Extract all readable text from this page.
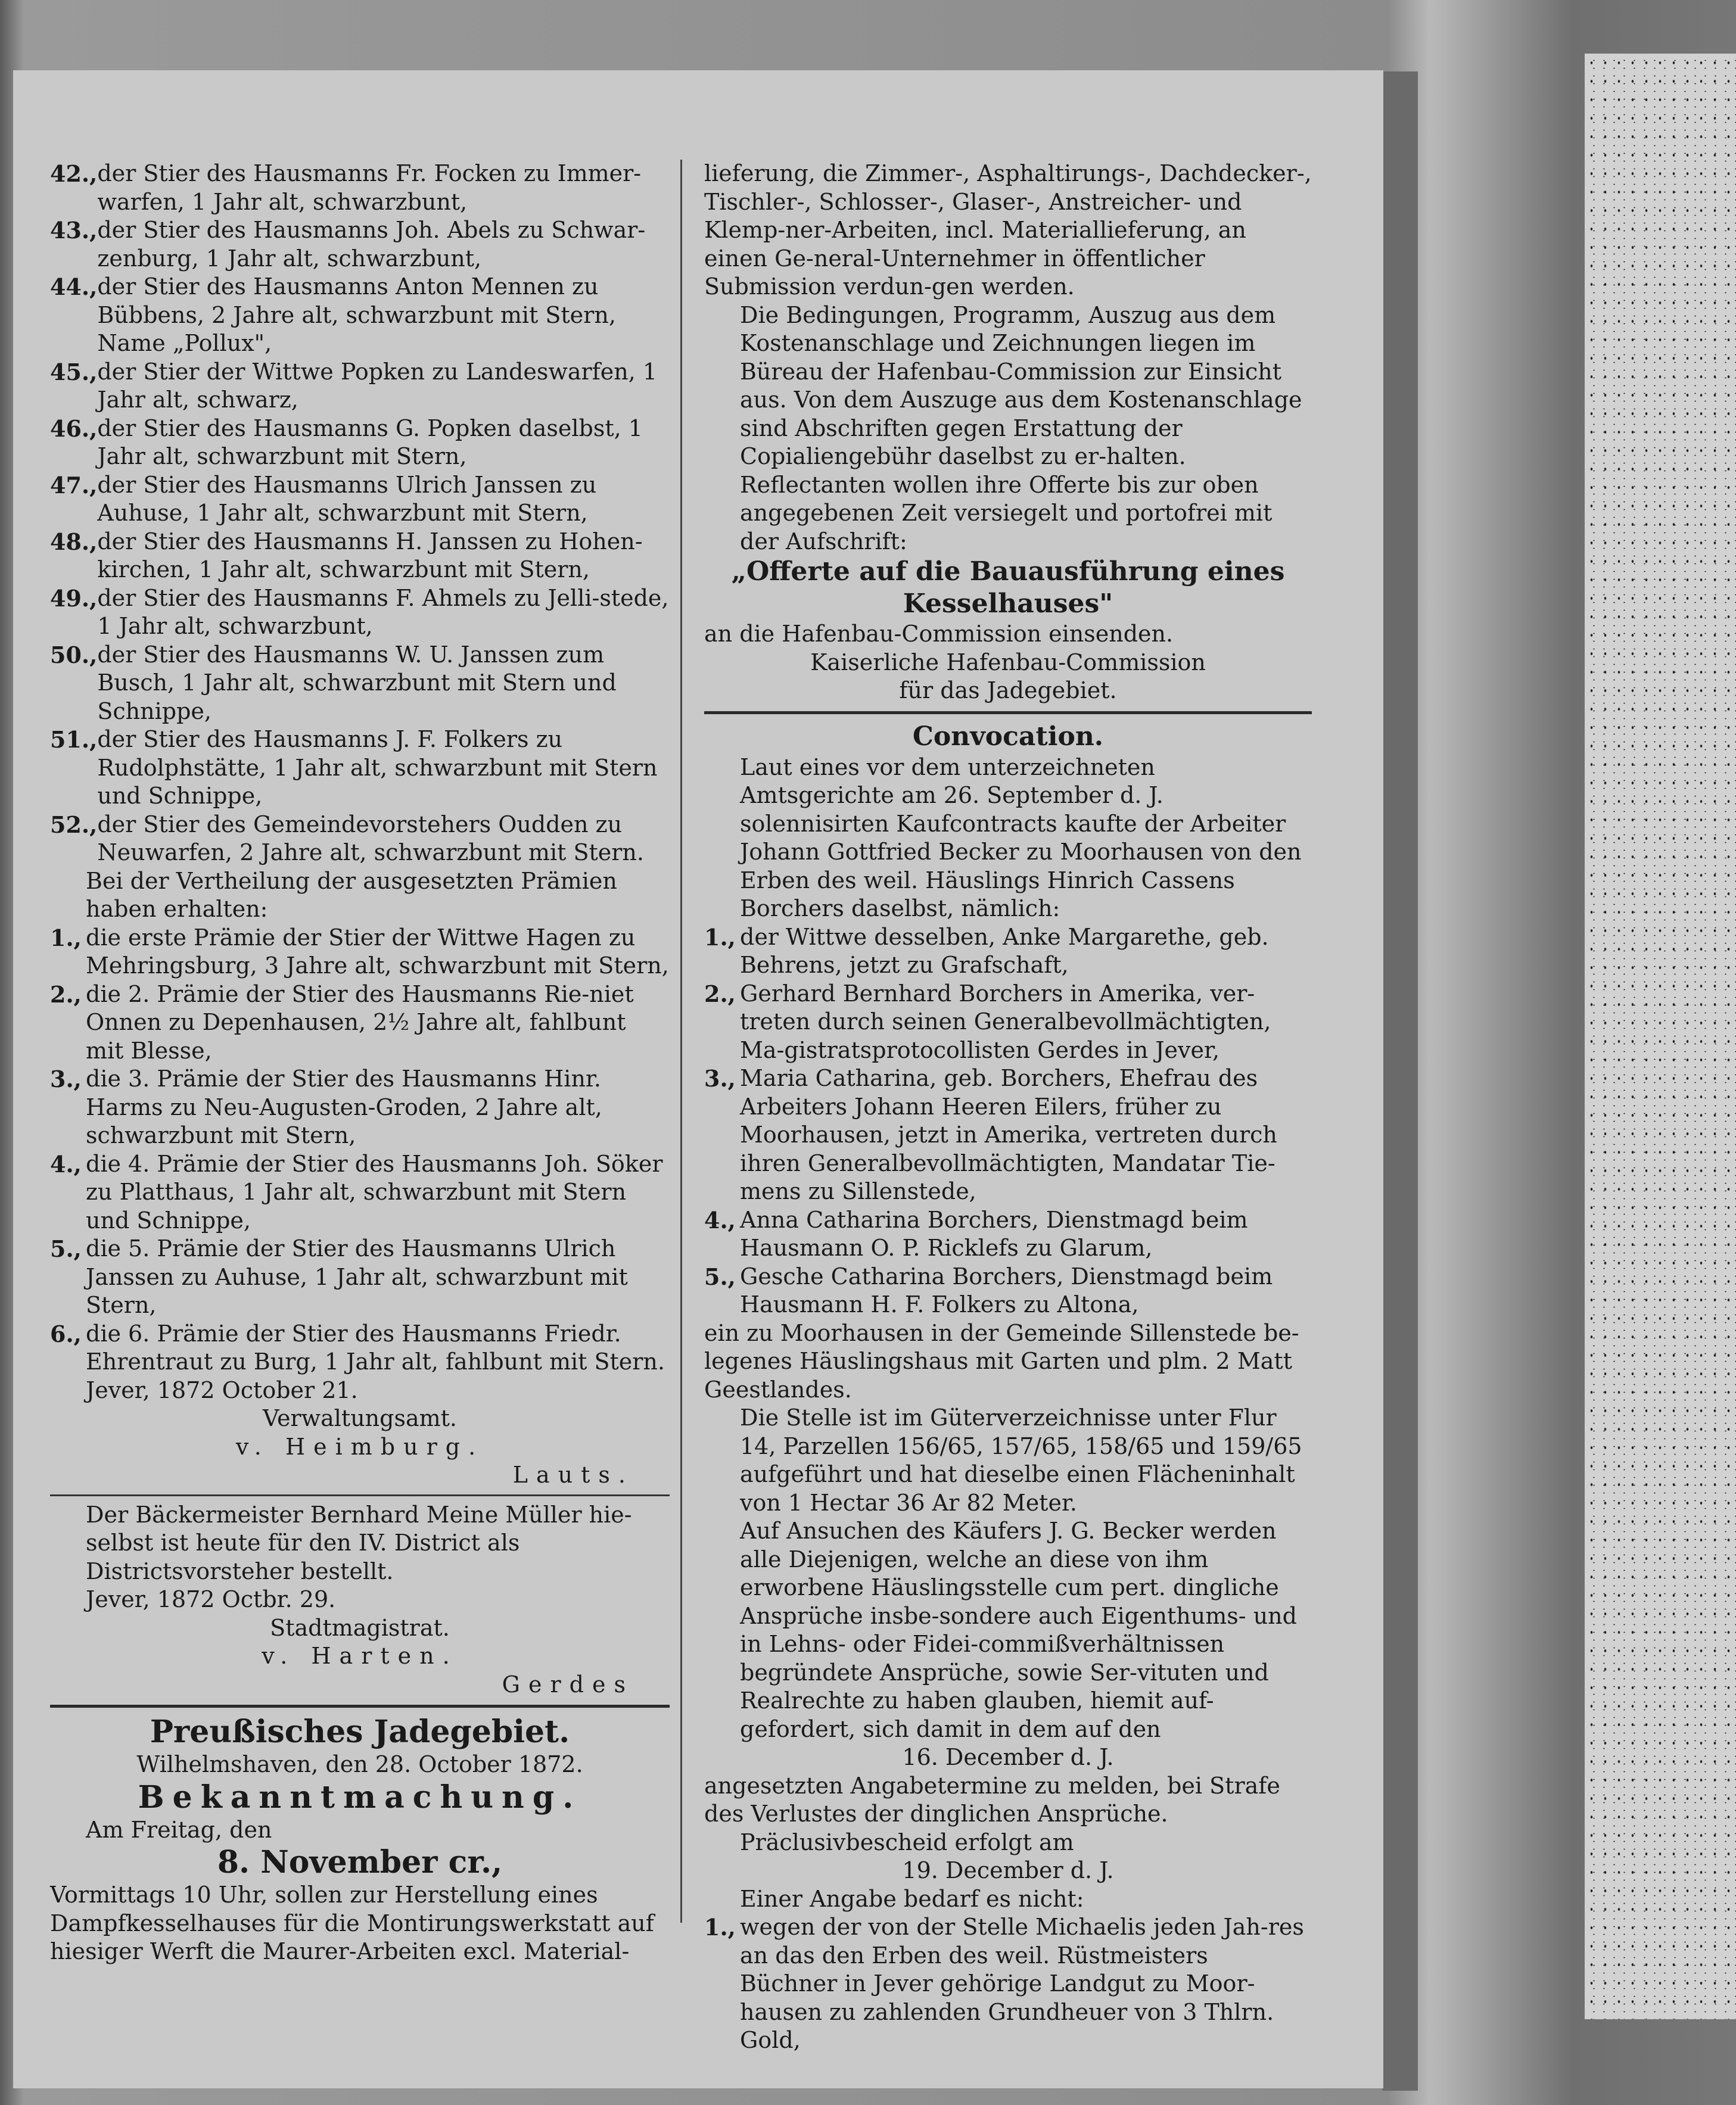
42., der Stier des Hausmanns Fr. Focken zu Immer-warfen, 1 Jahr alt, schwarzbunt,
43., der Stier des Hausmanns Joh. Abels zu Schwar-zenburg, 1 Jahr alt, schwarzbunt,
44., der Stier des Hausmanns Anton Mennen zu Bübbens, 2 Jahre alt, schwarzbunt mit Stern, Name „Pollux",
45., der Stier der Wittwe Popken zu Landeswarfen, 1 Jahr alt, schwarz,
46., der Stier des Hausmanns G. Popken daselbst, 1 Jahr alt, schwarzbunt mit Stern,
47., der Stier des Hausmanns Ulrich Janssen zu Auhuse, 1 Jahr alt, schwarzbunt mit Stern,
48., der Stier des Hausmanns H. Janssen zu Hohen-kirchen, 1 Jahr alt, schwarzbunt mit Stern,
49., der Stier des Hausmanns F. Ahmels zu Jelli-stede, 1 Jahr alt, schwarzbunt,
50., der Stier des Hausmanns W. U. Janssen zum Busch, 1 Jahr alt, schwarzbunt mit Stern und Schnippe,
51., der Stier des Hausmanns J. F. Folkers zu Rudolphstätte, 1 Jahr alt, schwarzbunt mit Stern und Schnippe,
52., der Stier des Gemeindevorstehers Oudden zu Neuwarfen, 2 Jahre alt, schwarzbunt mit Stern.

Bei der Vertheilung der ausgesetzten Prämien haben erhalten:

1., die erste Prämie der Stier der Wittwe Hagen zu Mehringsburg, 3 Jahre alt, schwarzbunt mit Stern,
2., die 2. Prämie der Stier des Hausmanns Rie-niet Onnen zu Depenhausen, 2½ Jahre alt, fahlbunt mit Blesse,
3., die 3. Prämie der Stier des Hausmanns Hinr. Harms zu Neu-Augusten-Groden, 2 Jahre alt, schwarzbunt mit Stern,
4., die 4. Prämie der Stier des Hausmanns Joh. Söker zu Platthaus, 1 Jahr alt, schwarzbunt mit Stern und Schnippe,
5., die 5. Prämie der Stier des Hausmanns Ulrich Janssen zu Auhuse, 1 Jahr alt, schwarzbunt mit Stern,
6., die 6. Prämie der Stier des Hausmanns Friedr. Ehrentraut zu Burg, 1 Jahr alt, fahlbunt mit Stern.

Jever, 1872 October 21.

Verwaltungsamt.

v. Heimburg.

Lauts.

Der Bäckermeister Bernhard Meine Müller hie-selbst ist heute für den IV. District als Districtsvorsteher bestellt.

Jever, 1872 Octbr. 29.

Stadtmagistrat.

v. Harten.

Gerdes

Preußisches Jadegebiet.

Wilhelmshaven, den 28. October 1872.

Bekanntmachung.

Am Freitag, den

8. November cr.,

Vormittags 10 Uhr, sollen zur Herstellung eines Dampfkesselhauses für die Montirungswerkstatt auf hiesiger Werft die Maurer-Arbeiten excl. Material-

lieferung, die Zimmer-, Asphaltirungs-, Dachdecker-, Tischler-, Schlosser-, Glaser-, Anstreicher- und Klemp-ner-Arbeiten, incl. Materiallieferung, an einen Ge-neral-Unternehmer in öffentlicher Submission verdun-gen werden.

Die Bedingungen, Programm, Auszug aus dem Kostenanschlage und Zeichnungen liegen im Büreau der Hafenbau-Commission zur Einsicht aus. Von dem Auszuge aus dem Kostenanschlage sind Abschriften gegen Erstattung der Copialiengebühr daselbst zu er-halten.

Reflectanten wollen ihre Offerte bis zur oben angegebenen Zeit versiegelt und portofrei mit der Aufschrift:

„Offerte auf die Bauausführung eines Kesselhauses"

an die Hafenbau-Commission einsenden.

Kaiserliche Hafenbau-Commission

für das Jadegebiet.

Convocation.

Laut eines vor dem unterzeichneten Amtsgerichte am 26. September d. J. solennisirten Kaufcontracts kaufte der Arbeiter Johann Gottfried Becker zu Moorhausen von den Erben des weil. Häuslings Hinrich Cassens Borchers daselbst, nämlich:

1., der Wittwe desselben, Anke Margarethe, geb. Behrens, jetzt zu Grafschaft,
2., Gerhard Bernhard Borchers in Amerika, ver-treten durch seinen Generalbevollmächtigten, Ma-gistratsprotocollisten Gerdes in Jever,
3., Maria Catharina, geb. Borchers, Ehefrau des Arbeiters Johann Heeren Eilers, früher zu Moorhausen, jetzt in Amerika, vertreten durch ihren Generalbevollmächtigten, Mandatar Tie-mens zu Sillenstede,
4., Anna Catharina Borchers, Dienstmagd beim Hausmann O. P. Ricklefs zu Glarum,
5., Gesche Catharina Borchers, Dienstmagd beim Hausmann H. F. Folkers zu Altona,

ein zu Moorhausen in der Gemeinde Sillenstede be-legenes Häuslingshaus mit Garten und plm. 2 Matt Geestlandes.

Die Stelle ist im Güterverzeichnisse unter Flur 14, Parzellen 156/65, 157/65, 158/65 und 159/65 aufgeführt und hat dieselbe einen Flächeninhalt von 1 Hectar 36 Ar 82 Meter.

Auf Ansuchen des Käufers J. G. Becker werden alle Diejenigen, welche an diese von ihm erworbene Häuslingsstelle cum pert. dingliche Ansprüche insbe-sondere auch Eigenthums- und in Lehns- oder Fidei-commißverhältnissen begründete Ansprüche, sowie Ser-vituten und Realrechte zu haben glauben, hiemit auf-gefordert, sich damit in dem auf den

16. December d. J.

angesetzten Angabetermine zu melden, bei Strafe des Verlustes der dinglichen Ansprüche.

Präclusivbescheid erfolgt am

19. December d. J.

Einer Angabe bedarf es nicht:

1., wegen der von der Stelle Michaelis jeden Jah-res an das den Erben des weil. Rüstmeisters Büchner in Jever gehörige Landgut zu Moor-hausen zu zahlenden Grundheuer von 3 Thlrn. Gold,
